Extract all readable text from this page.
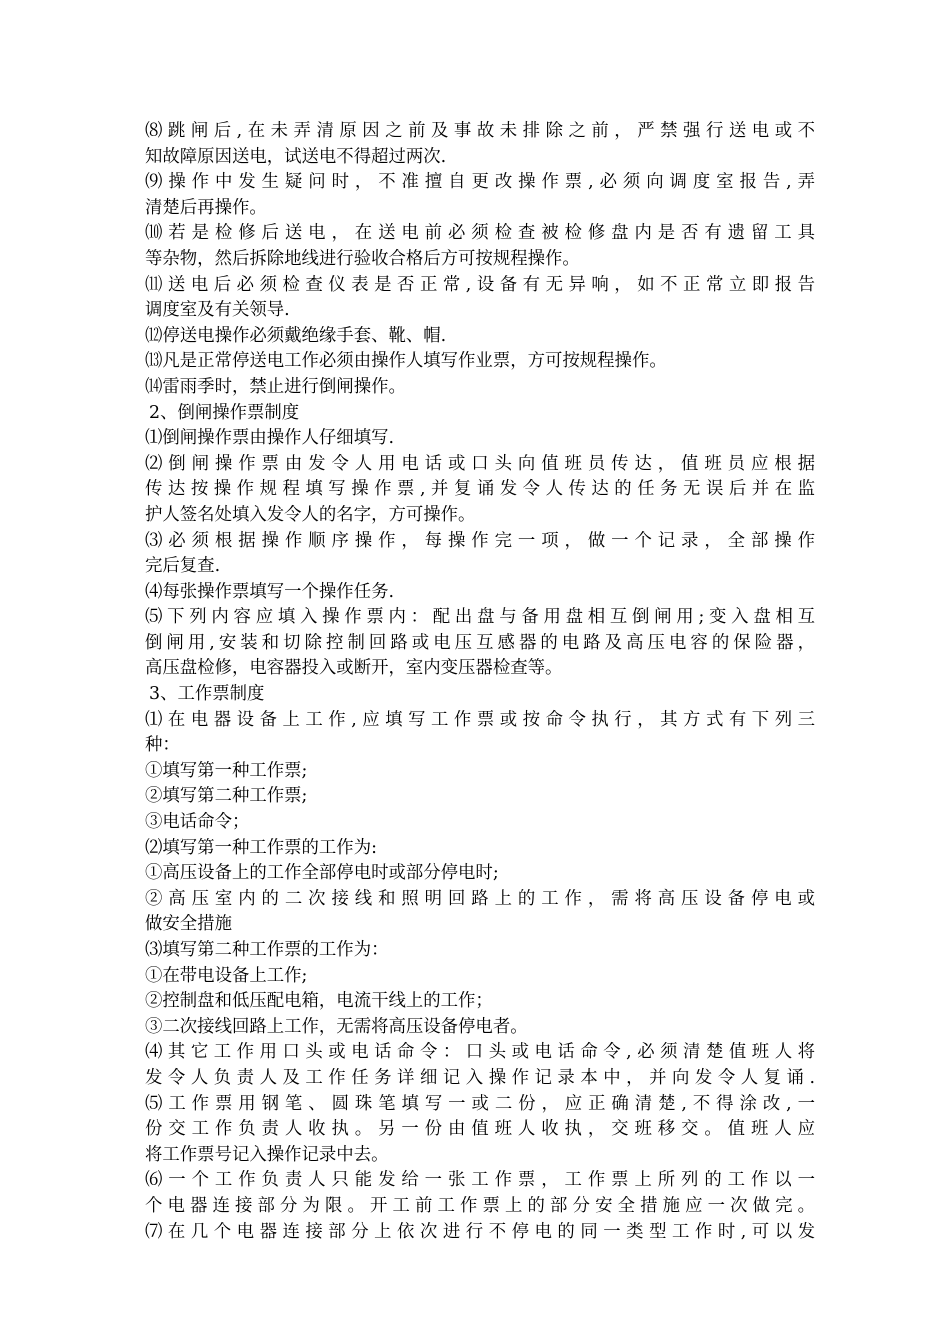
⑻跳闸后,在未弄清原因之前及事故未排除之前，严禁强行送电或不
知故障原因送电，试送电不得超过两次.
⑼操作中发生疑问时，不准擅自更改操作票,必须向调度室报告,弄
清楚后再操作。
⑽若是检修后送电，在送电前必须检查被检修盘内是否有遗留工具
等杂物，然后拆除地线进行验收合格后方可按规程操作。
⑾送电后必须检查仪表是否正常,设备有无异响，如不正常立即报告
调度室及有关领导.
⑿停送电操作必须戴绝缘手套、靴、帽.
⒀凡是正常停送电工作必须由操作人填写作业票，方可按规程操作。
⒁雷雨季时，禁止进行倒闸操作。
2、倒闸操作票制度
⑴倒闸操作票由操作人仔细填写.
⑵倒闸操作票由发令人用电话或口头向值班员传达，值班员应根据
传达按操作规程填写操作票,并复诵发令人传达的任务无误后并在监
护人签名处填入发令人的名字，方可操作。
⑶必须根据操作顺序操作，每操作完一项，做一个记录，全部操作
完后复查.
⑷每张操作票填写一个操作任务.
⑸下列内容应填入操作票内：配出盘与备用盘相互倒闸用;变入盘相互
倒闸用,安装和切除控制回路或电压互感器的电路及高压电容的保险器，
高压盘检修，电容器投入或断开，室内变压器检查等。
3、工作票制度
⑴在电器设备上工作,应填写工作票或按命令执行，其方式有下列三
种：
①填写第一种工作票;
②填写第二种工作票;
③电话命令；
⑵填写第一种工作票的工作为:
①高压设备上的工作全部停电时或部分停电时;
②高压室内的二次接线和照明回路上的工作，需将高压设备停电或
做安全措施
⑶填写第二种工作票的工作为：
①在带电设备上工作;
②控制盘和低压配电箱，电流干线上的工作；
③二次接线回路上工作，无需将高压设备停电者。
⑷其它工作用口头或电话命令：口头或电话命令,必须清楚值班人将
发令人负责人及工作任务详细记入操作记录本中，并向发令人复诵.
⑸工作票用钢笔、圆珠笔填写一或二份，应正确清楚,不得涂改,一
份交工作负责人收执。另一份由值班人收执，交班移交。值班人应
将工作票号记入操作记录中去。
⑹一个工作负责人只能发给一张工作票，工作票上所列的工作以一
个电器连接部分为限。开工前工作票上的部分安全措施应一次做完。
⑺在几个电器连接部分上依次进行不停电的同一类型工作时,可以发
